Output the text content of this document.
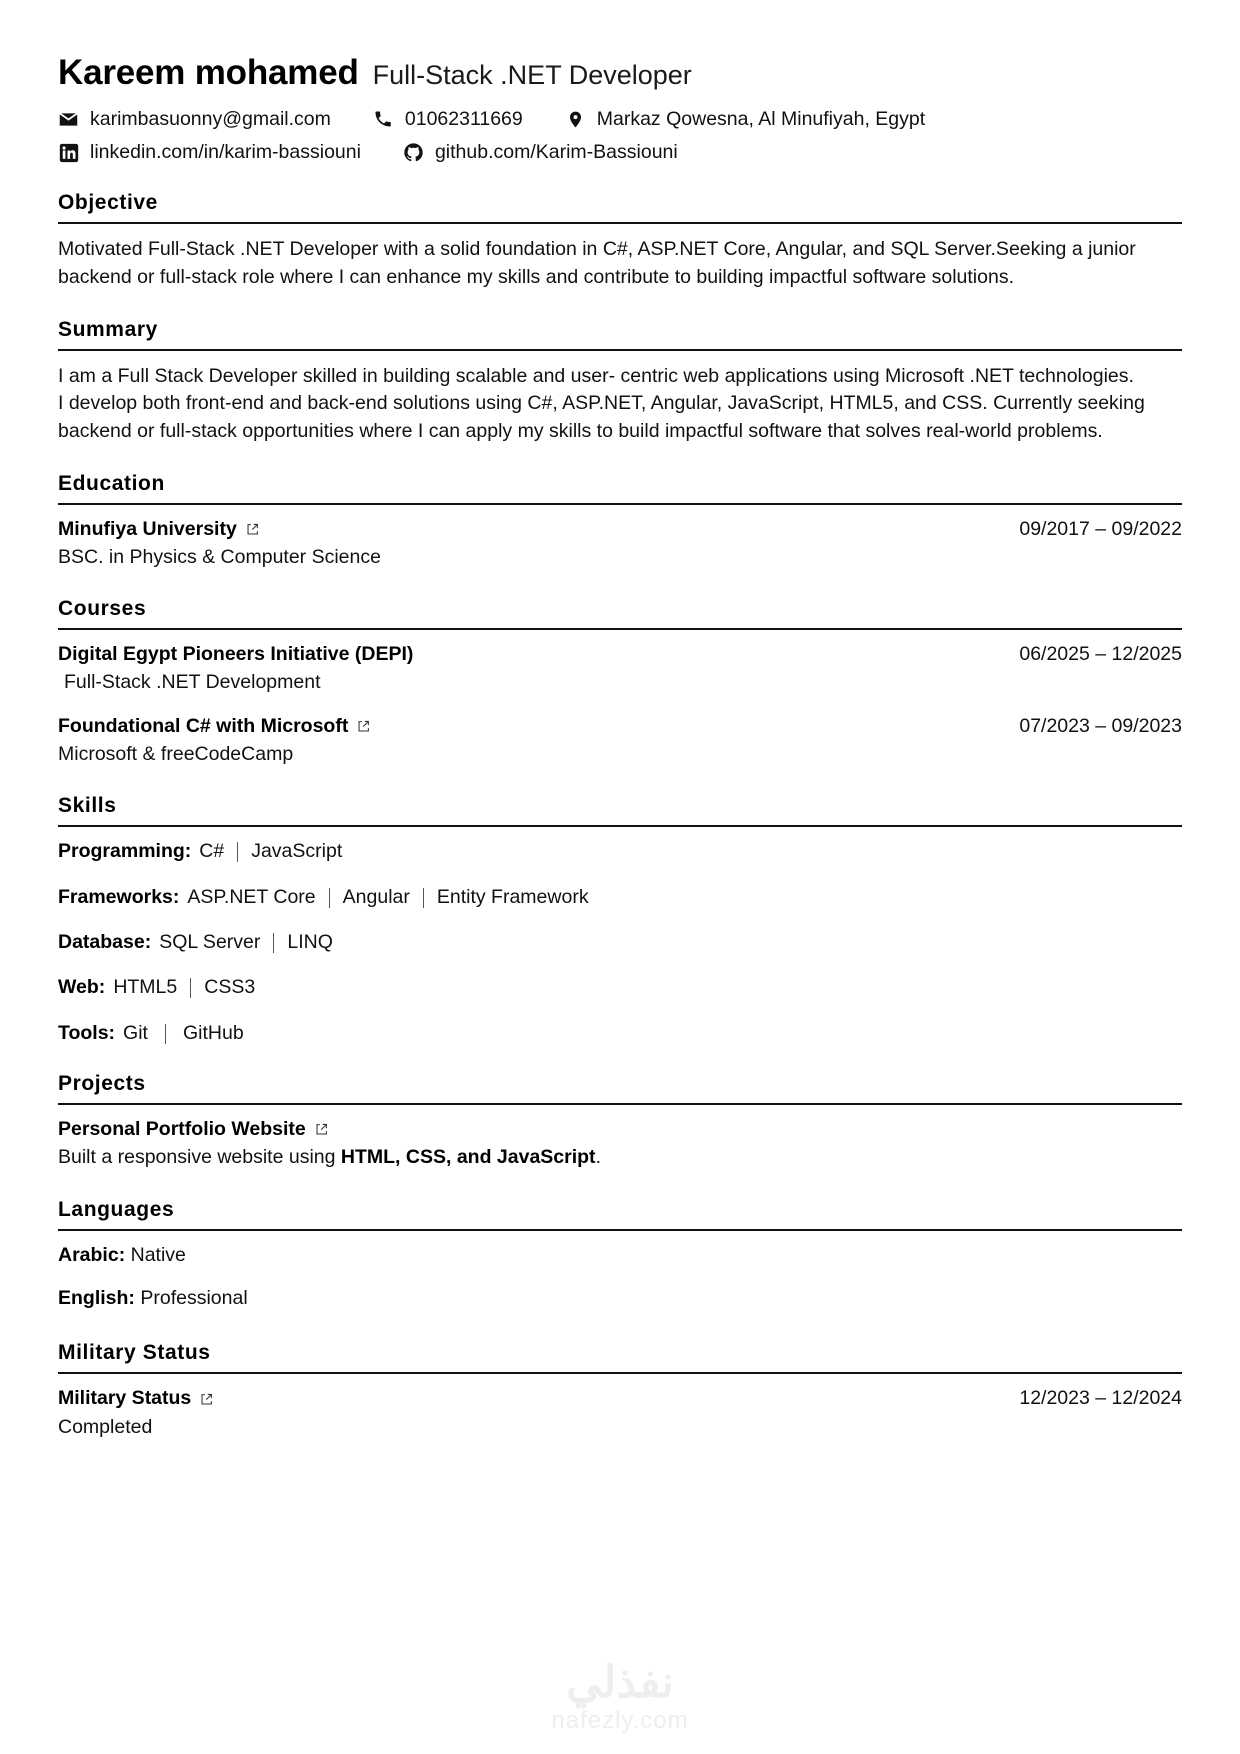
Kareem mohamed Full-Stack .NET Developer
karimbasuonny@gmail.com	01062311669	Markaz Qowesna, Al Minufiyah, Egypt
linkedin.com/in/karim-bassiouni	github.com/Karim-Bassiouni
Objective

Motivated Full-Stack .NET Developer with a solid foundation in C#, ASP.NET Core, Angular, and SQL Server.Seeking a junior backend or full-stack role where I can enhance my skills and contribute to building impactful software solutions.

Summary

I am a Full Stack Developer skilled in building scalable and user- centric web applications using Microsoft .NET technologies.

I develop both front-end and back-end solutions using C#, ASP.NET, Angular, JavaScript, HTML5, and CSS. Currently seeking backend or full-stack opportunities where I can apply my skills to build impactful software that solves real-world problems.

Education
Minufiya University	09/2017 – 09/2022
BSC. in Physics & Computer Science
Courses
Digital Egypt Pioneers Initiative (DEPI)	06/2025 – 12/2025
Full-Stack .NET Development
Foundational C# with Microsoft	07/2023 – 09/2023
Microsoft & freeCodeCamp
Skills
Programming: C# JavaScript
Frameworks: ASP.NET Core Angular Entity Framework
Database: SQL Server LINQ
Web: HTML5 CSS3
Tools: Git GitHub
Projects
Personal Portfolio Website
Built a responsive website using HTML, CSS, and JavaScript.
Languages
Arabic: Native
English: Professional
Military Status
Military Status	12/2023 – 12/2024
Completed
نفذلي
nafezly.com
